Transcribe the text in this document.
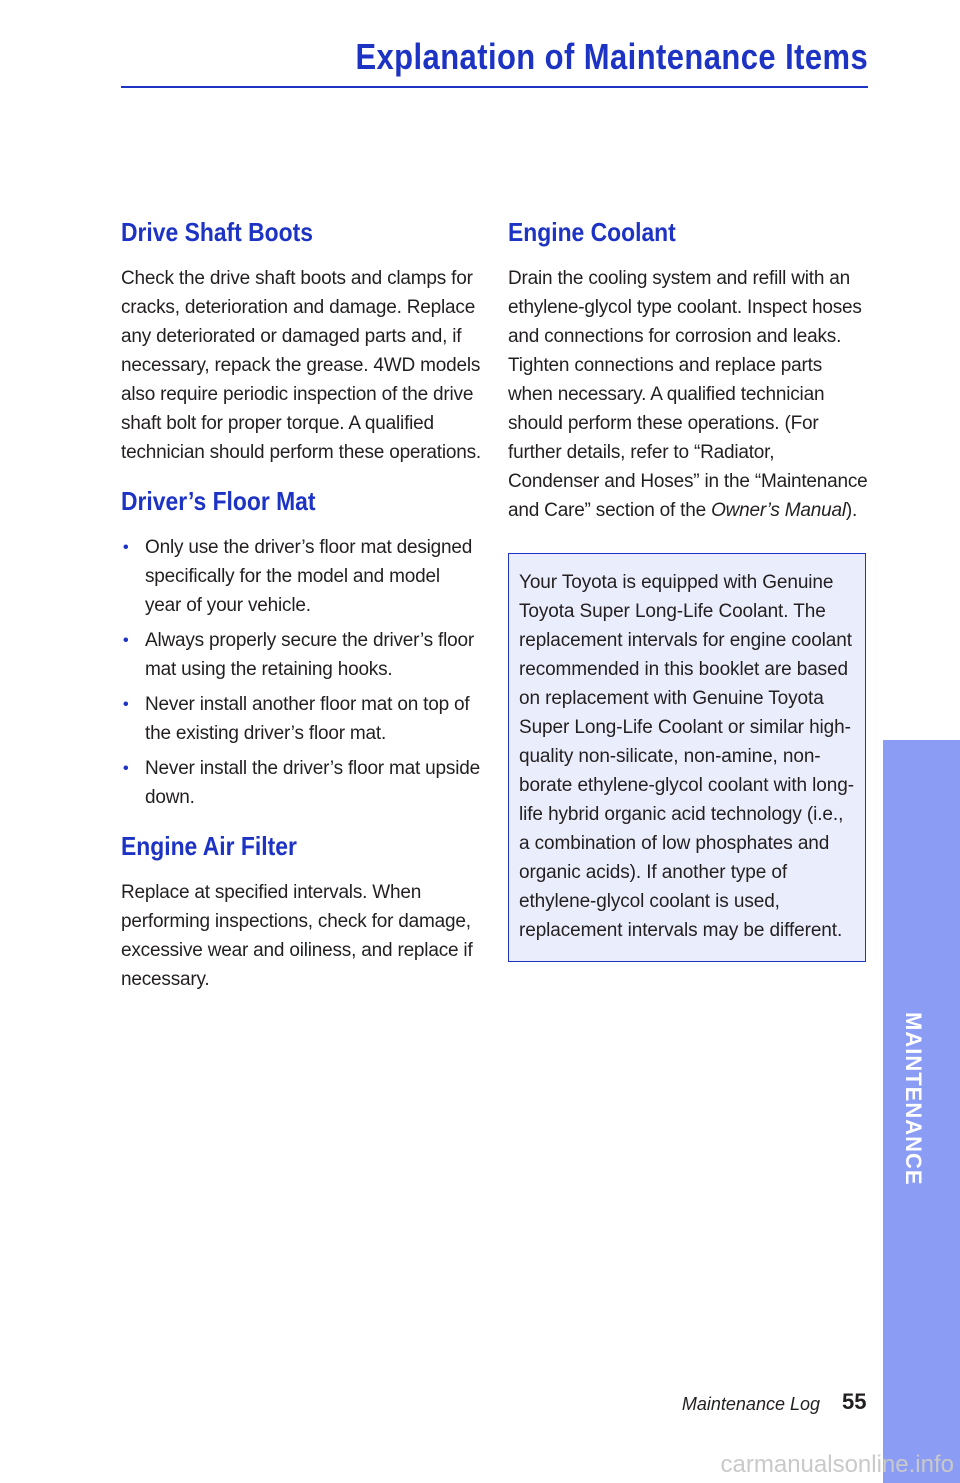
Explanation of Maintenance Items
Drive Shaft Boots

Check the drive shaft boots and clamps for cracks, deterioration and damage. Replace any deteriorated or damaged parts and, if necessary, repack the grease. 4WD models also require periodic inspection of the drive shaft bolt for proper torque. A qualified technician should perform these operations.

Driver’s Floor Mat
• Only use the driver’s floor mat designed specifically for the model and model year of your vehicle.
• Always properly secure the driver’s floor mat using the retaining hooks.
• Never install another floor mat on top of the existing driver’s floor mat.
• Never install the driver’s floor mat upside down.
Engine Air Filter

Replace at specified intervals. When performing inspections, check for damage, excessive wear and oiliness, and replace if necessary.

Engine Coolant

Drain the cooling system and refill with an ethylene-glycol type coolant. Inspect hoses and connections for corrosion and leaks. Tighten connections and replace parts when necessary. A qualified technician should perform these operations. (For further details, refer to “Radiator, Condenser and Hoses” in the “Maintenance and Care” section of the Owner’s Manual).

Your Toyota is equipped with Genuine Toyota Super Long-Life Coolant. The replacement intervals for engine coolant recommended in this booklet are based on replacement with Genuine Toyota Super Long-Life Coolant or similar high-quality non-silicate, non-amine, non-borate ethylene-glycol coolant with long-life hybrid organic acid technology (i.e., a combination of low phosphates and organic acids). If another type of ethylene-glycol coolant is used, replacement intervals may be different.

MAINTENANCE
Maintenance Log 55
carmanualsonline.info
